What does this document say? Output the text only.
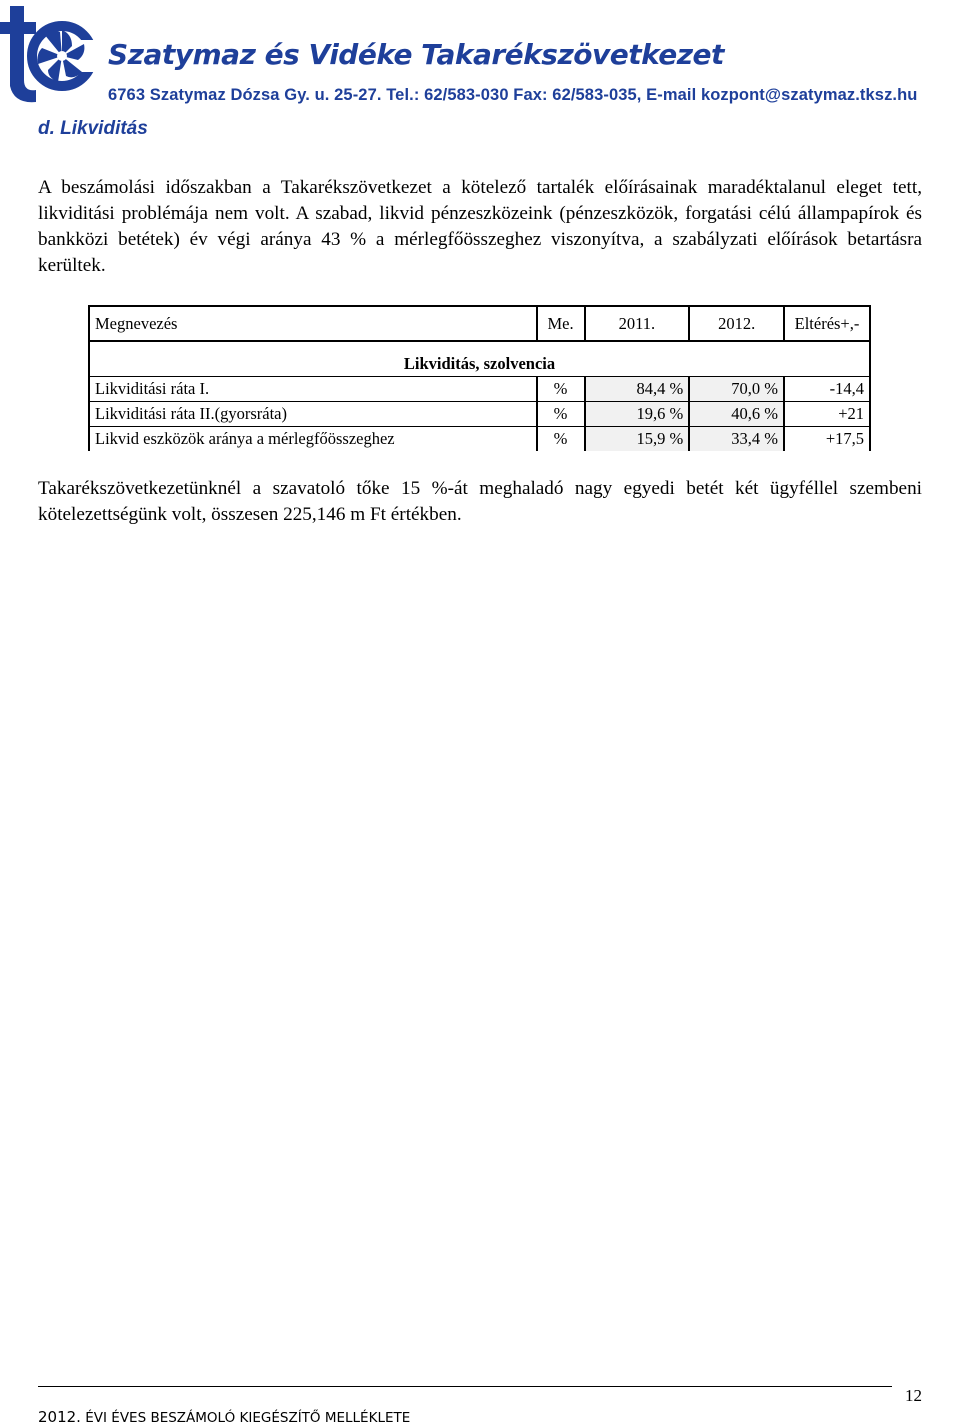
Szatymaz és Vidéke Takarékszövetkezet
6763 Szatymaz Dózsa Gy. u. 25-27. Tel.: 62/583-030 Fax: 62/583-035, E-mail kozpont@szatymaz.tksz.hu
d. Likviditás

A beszámolási időszakban a Takarékszövetkezet a kötelező tartalék előírásainak maradéktalanul eleget tett, likviditási problémája nem volt. A szabad, likvid pénzeszközeink (pénzeszközök, forgatási célú állampapírok és bankközi betétek) év végi aránya 43 % a mérlegfőösszeghez viszonyítva, a szabályzati előírások betartásra kerültek.

Megnevezés	Me.	2011.	2012.	Eltérés+,-
Likviditás, szolvencia				
Likviditási ráta I.	%	84,4 %	70,0 %	-14,4
Likviditási ráta II.(gyorsráta)	%	19,6 %	40,6 %	+21
Likvid eszközök aránya a mérlegfőösszeghez	%	15,9 %	33,4 %	+17,5

Takarékszövetkezetünknél a szavatoló tőke 15 %-át meghaladó nagy egyedi betét két ügyféllel szembeni kötelezettségünk volt, összesen 225,146 m Ft értékben.

12
2012. ÉVI ÉVES BESZÁMOLÓ KIEGÉSZÍTŐ MELLÉKLETE
